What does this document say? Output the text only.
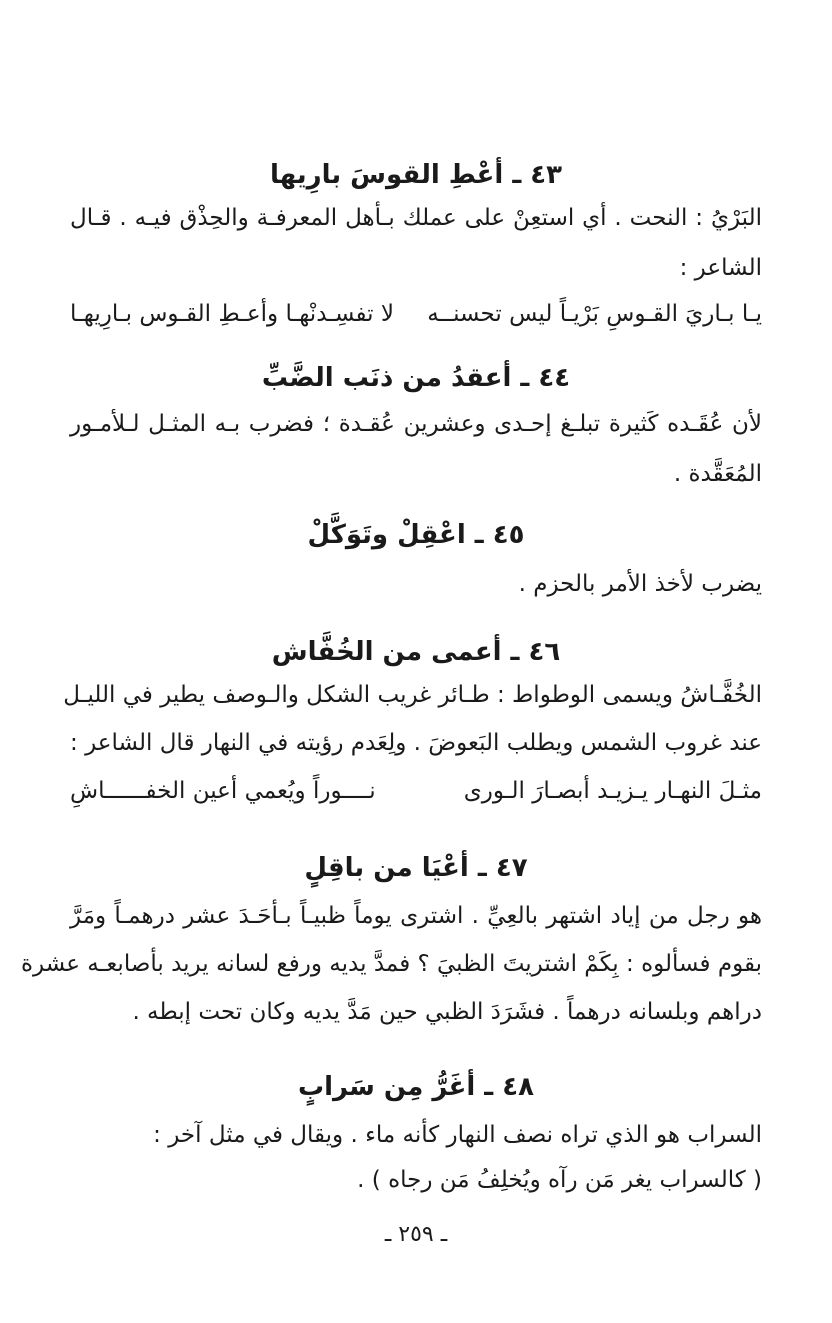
٤٣ ـ أعْطِ القوسَ بارِيها
البَرْيُ : النحت . أي استعِنْ على عملك بـأهل المعرفـة والحِذْق فيـه . قـال
الشاعر :
يـا بـاريَ القـوسِ بَرْيـاً ليس تحسنــه
لا تفسِـدنْهـا وأعـطِ القـوس بـارِيهـا
٤٤ ـ أعقدُ من ذنَب الضَّبِّ
لأن عُقَـده كَثيرة تبلـغ إحـدى وعشرين عُقـدة ؛ فضرب بـه المثـل لـلأمـور
المُعَقَّدة .
٤٥ ـ اعْقِلْ وتَوَكَّلْ
يضرب لأخذ الأمر بالحزم .
٤٦ ـ أعمى من الخُفَّاش
الخُفَّـاشُ ويسمى الوطواط : طـائر غريب الشكل والـوصف يطير في الليـل
عند غروب الشمس ويطلب البَعوضَ . ولِعَدم رؤيته في النهار قال الشاعر :
مثـلَ النهـار يـزيـد أبصـارَ الـورى
نــــوراً ويُعمي أعين الخفــــــاشِ
٤٧ ـ أعْيَا من باقِلٍ
هو رجل من إياد اشتهر بالعِيِّ . اشترى يوماً ظبيـاً بـأحَـدَ عشر درهمـاً ومَرَّ
بقوم فسألوه : بِكَمْ اشتريتَ الظبيَ ؟ فمدَّ يديه ورفع لسانه يريد بأصابعـه عشرة
دراهم وبلسانه درهماً . فشَرَدَ الظبي حين مَدَّ يديه وكان تحت إبطه .
٤٨ ـ أغَرُّ مِن سَرابٍ
السراب هو الذي تراه نصف النهار كأنه ماء . ويقال في مثل آخر :
( كالسراب يغر مَن رآه ويُخلِفُ مَن رجاه ) .
ـ ٢٥٩ ـ
